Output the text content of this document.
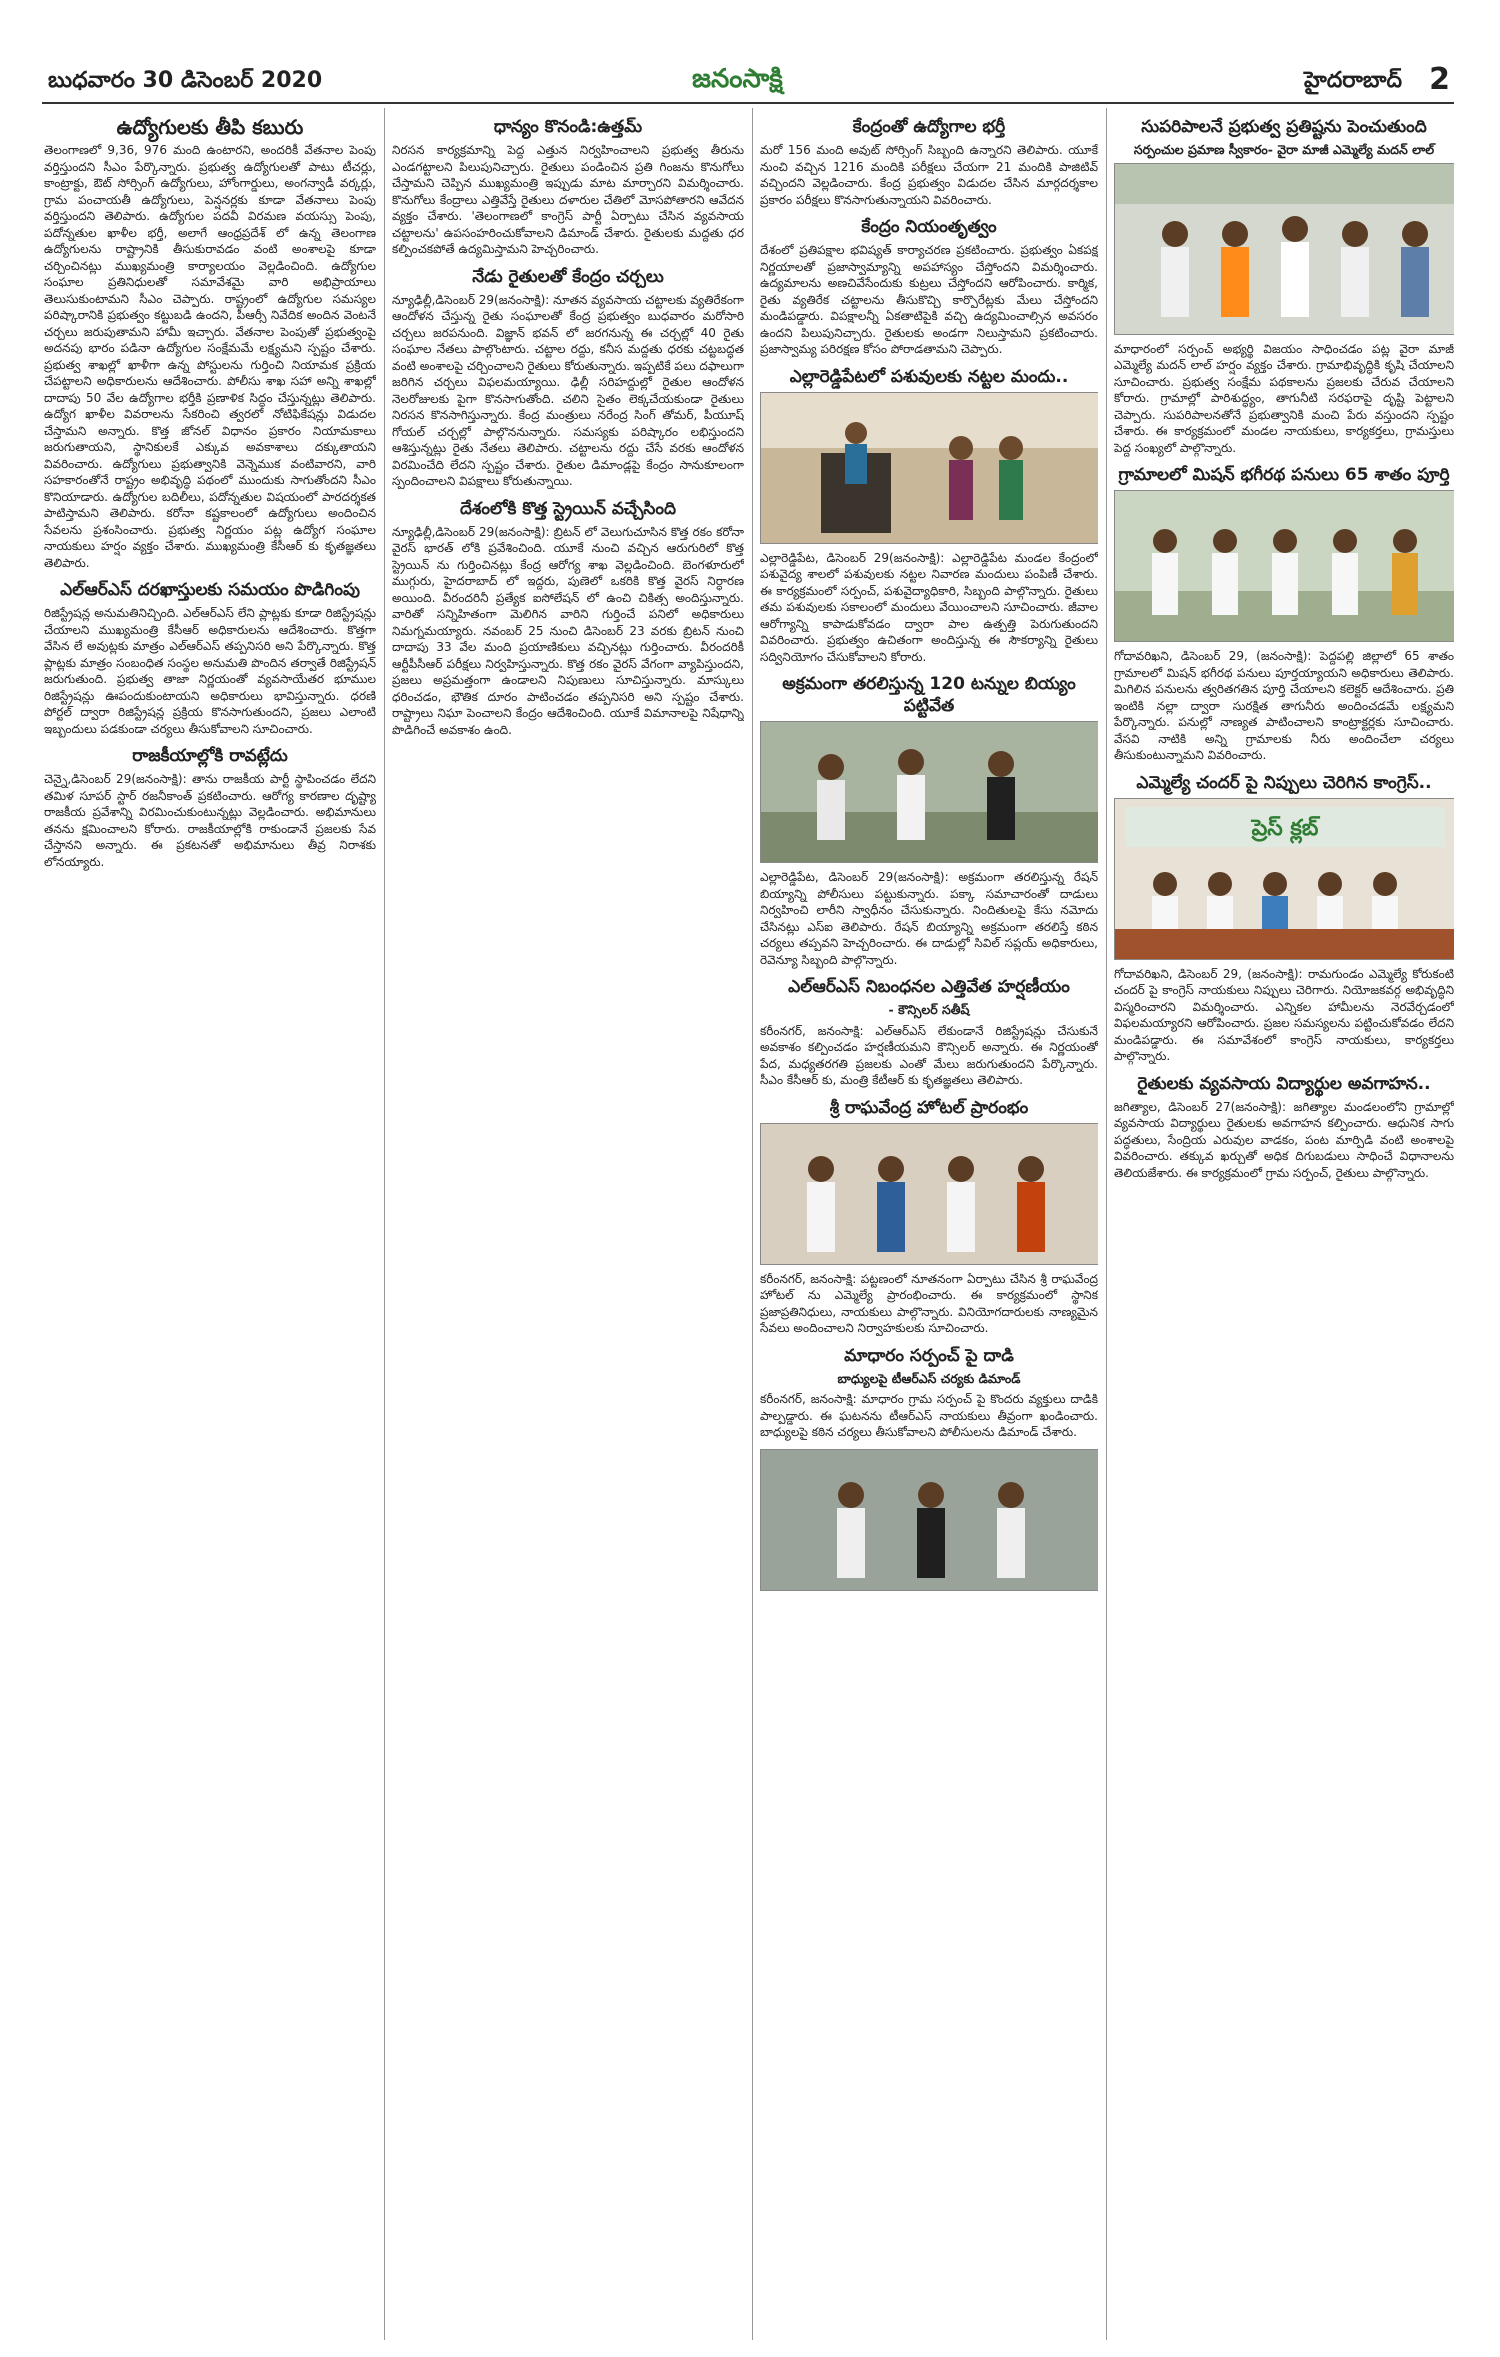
బుధవారం 30 డిసెంబర్ 2020	జనంసాక్షి	హైదరాబాద్ 2
ఉద్యోగులకు తీపి కబురు
తెలంగాణలో 9,36, 976 మంది ఉంటారని, అందరికీ వేతనాల పెంపు వర్తిస్తుందని సీఎం పేర్కొన్నారు. ప్రభుత్వ ఉద్యోగులతో పాటు టీచర్లు, కాంట్రాక్టు, ఔట్ సోర్సింగ్ ఉద్యోగులు, హోంగార్డులు, అంగన్వాడీ వర్కర్లు, గ్రామ పంచాయతీ ఉద్యోగులు, పెన్షనర్లకు కూడా వేతనాలు పెంపు వర్తిస్తుందని తెలిపారు. ఉద్యోగుల పదవీ విరమణ వయస్సు పెంపు, పదోన్నతుల ఖాళీల భర్తీ, అలాగే ఆంధ్రప్రదేశ్ లో ఉన్న తెలంగాణ ఉద్యోగులను రాష్ట్రానికి తీసుకురావడం వంటి అంశాలపై కూడా చర్చించినట్లు ముఖ్యమంత్రి కార్యాలయం వెల్లడించింది. ఉద్యోగుల సంఘాల ప్రతినిధులతో సమావేశమై వారి అభిప్రాయాలు తెలుసుకుంటామని సీఎం చెప్పారు. రాష్ట్రంలో ఉద్యోగుల సమస్యల పరిష్కారానికి ప్రభుత్వం కట్టుబడి ఉందని, పీఆర్సీ నివేదిక అందిన వెంటనే చర్చలు జరుపుతామని హామీ ఇచ్చారు. వేతనాల పెంపుతో ప్రభుత్వంపై అదనపు భారం పడినా ఉద్యోగుల సంక్షేమమే లక్ష్యమని స్పష్టం చేశారు. ప్రభుత్వ శాఖల్లో ఖాళీగా ఉన్న పోస్టులను గుర్తించి నియామక ప్రక్రియ చేపట్టాలని అధికారులను ఆదేశించారు. పోలీసు శాఖ సహా అన్ని శాఖల్లో దాదాపు 50 వేల ఉద్యోగాల భర్తీకి ప్రణాళిక సిద్ధం చేస్తున్నట్లు తెలిపారు. ఉద్యోగ ఖాళీల వివరాలను సేకరించి త్వరలో నోటిఫికేషన్లు విడుదల చేస్తామని అన్నారు. కొత్త జోనల్ విధానం ప్రకారం నియామకాలు జరుగుతాయని, స్థానికులకే ఎక్కువ అవకాశాలు దక్కుతాయని వివరించారు. ఉద్యోగులు ప్రభుత్వానికి వెన్నెముక వంటివారని, వారి సహకారంతోనే రాష్ట్రం అభివృద్ధి పథంలో ముందుకు సాగుతోందని సీఎం కొనియాడారు. ఉద్యోగుల బదిలీలు, పదోన్నతుల విషయంలో పారదర్శకత పాటిస్తామని తెలిపారు. కరోనా కష్టకాలంలో ఉద్యోగులు అందించిన సేవలను ప్రశంసించారు. ప్రభుత్వ నిర్ణయం పట్ల ఉద్యోగ సంఘాల నాయకులు హర్షం వ్యక్తం చేశారు. ముఖ్యమంత్రి కేసీఆర్ కు కృతజ్ఞతలు తెలిపారు.
ఎల్ఆర్ఎస్ దరఖాస్తులకు సమయం పొడిగింపు
రిజిస్ట్రేషన్ల అనుమతినిచ్చింది. ఎల్ఆర్ఎస్ లేని ప్లాట్లకు కూడా రిజిస్ట్రేషన్లు చేయాలని ముఖ్యమంత్రి కేసీఆర్ అధికారులను ఆదేశించారు. కొత్తగా వేసిన లే అవుట్లకు మాత్రం ఎల్ఆర్ఎస్ తప్పనిసరి అని పేర్కొన్నారు. కొత్త ప్లాట్లకు మాత్రం సంబంధిత సంస్థల అనుమతి పొందిన తర్వాతే రిజిస్ట్రేషన్ జరుగుతుంది. ప్రభుత్వ తాజా నిర్ణయంతో వ్యవసాయేతర భూముల రిజిస్ట్రేషన్లు ఊపందుకుంటాయని అధికారులు భావిస్తున్నారు. ధరణి పోర్టల్ ద్వారా రిజిస్ట్రేషన్ల ప్రక్రియ కొనసాగుతుందని, ప్రజలు ఎలాంటి ఇబ్బందులు పడకుండా చర్యలు తీసుకోవాలని సూచించారు.
రాజకీయాల్లోకి రావట్లేదు
చెన్నై,డిసెంబర్ 29(జనంసాక్షి): తాను రాజకీయ పార్టీ స్థాపించడం లేదని తమిళ సూపర్ స్టార్ రజనీకాంత్ ప్రకటించారు. ఆరోగ్య కారణాల దృష్ట్యా రాజకీయ ప్రవేశాన్ని విరమించుకుంటున్నట్లు వెల్లడించారు. అభిమానులు తనను క్షమించాలని కోరారు. రాజకీయాల్లోకి రాకుండానే ప్రజలకు సేవ చేస్తానని అన్నారు. ఈ ప్రకటనతో అభిమానులు తీవ్ర నిరాశకు లోనయ్యారు.
ధాన్యం కొనండి:ఉత్తమ్
నిరసన కార్యక్రమాన్ని పెద్ద ఎత్తున నిర్వహించాలని ప్రభుత్వ తీరును ఎండగట్టాలని పిలుపునిచ్చారు. రైతులు పండించిన ప్రతి గింజను కొనుగోలు చేస్తామని చెప్పిన ముఖ్యమంత్రి ఇప్పుడు మాట మార్చారని విమర్శించారు. కొనుగోలు కేంద్రాలు ఎత్తివేస్తే రైతులు దళారుల చేతిలో మోసపోతారని ఆవేదన వ్యక్తం చేశారు. 'తెలంగాణలో కాంగ్రెస్ పార్టీ ఏర్పాటు చేసిన వ్యవసాయ చట్టాలను' ఉపసంహరించుకోవాలని డిమాండ్ చేశారు. రైతులకు మద్దతు ధర కల్పించకపోతే ఉద్యమిస్తామని హెచ్చరించారు.
నేడు రైతులతో కేంద్రం చర్చలు
న్యూఢిల్లీ,డిసెంబర్ 29(జనంసాక్షి): నూతన వ్యవసాయ చట్టాలకు వ్యతిరేకంగా ఆందోళన చేస్తున్న రైతు సంఘాలతో కేంద్ర ప్రభుత్వం బుధవారం మరోసారి చర్చలు జరపనుంది. విజ్ఞాన్ భవన్ లో జరగనున్న ఈ చర్చల్లో 40 రైతు సంఘాల నేతలు పాల్గొంటారు. చట్టాల రద్దు, కనీస మద్దతు ధరకు చట్టబద్ధత వంటి అంశాలపై చర్చించాలని రైతులు కోరుతున్నారు. ఇప్పటికే పలు దఫాలుగా జరిగిన చర్చలు విఫలమయ్యాయి. ఢిల్లీ సరిహద్దుల్లో రైతుల ఆందోళన నెలరోజులకు పైగా కొనసాగుతోంది. చలిని సైతం లెక్కచేయకుండా రైతులు నిరసన కొనసాగిస్తున్నారు. కేంద్ర మంత్రులు నరేంద్ర సింగ్ తోమర్, పీయూష్ గోయల్ చర్చల్లో పాల్గొననున్నారు. సమస్యకు పరిష్కారం లభిస్తుందని ఆశిస్తున్నట్లు రైతు నేతలు తెలిపారు. చట్టాలను రద్దు చేసే వరకు ఆందోళన విరమించేది లేదని స్పష్టం చేశారు. రైతుల డిమాండ్లపై కేంద్రం సానుకూలంగా స్పందించాలని విపక్షాలు కోరుతున్నాయి.
దేశంలోకి కొత్త స్ట్రెయిన్ వచ్చేసింది
న్యూఢిల్లీ,డిసెంబర్ 29(జనంసాక్షి): బ్రిటన్ లో వెలుగుచూసిన కొత్త రకం కరోనా వైరస్ భారత్ లోకి ప్రవేశించింది. యూకే నుంచి వచ్చిన ఆరుగురిలో కొత్త స్ట్రెయిన్ ను గుర్తించినట్లు కేంద్ర ఆరోగ్య శాఖ వెల్లడించింది. బెంగళూరులో ముగ్గురు, హైదరాబాద్ లో ఇద్దరు, పుణెలో ఒకరికి కొత్త వైరస్ నిర్ధారణ అయింది. వీరందరినీ ప్రత్యేక ఐసోలేషన్ లో ఉంచి చికిత్స అందిస్తున్నారు. వారితో సన్నిహితంగా మెలిగిన వారిని గుర్తించే పనిలో అధికారులు నిమగ్నమయ్యారు. నవంబర్ 25 నుంచి డిసెంబర్ 23 వరకు బ్రిటన్ నుంచి దాదాపు 33 వేల మంది ప్రయాణికులు వచ్చినట్లు గుర్తించారు. వీరందరికీ ఆర్టీపీసీఆర్ పరీక్షలు నిర్వహిస్తున్నారు. కొత్త రకం వైరస్ వేగంగా వ్యాపిస్తుందని, ప్రజలు అప్రమత్తంగా ఉండాలని నిపుణులు సూచిస్తున్నారు. మాస్కులు ధరించడం, భౌతిక దూరం పాటించడం తప్పనిసరి అని స్పష్టం చేశారు. రాష్ట్రాలు నిఘా పెంచాలని కేంద్రం ఆదేశించింది. యూకే విమానాలపై నిషేధాన్ని పొడిగించే అవకాశం ఉంది.
కేంద్రంతో ఉద్యోగాల భర్తీ
మరో 156 మంది అవుట్ సోర్సింగ్ సిబ్బంది ఉన్నారని తెలిపారు. యూకే నుంచి వచ్చిన 1216 మందికి పరీక్షలు చేయగా 21 మందికి పాజిటివ్ వచ్చిందని వెల్లడించారు. కేంద్ర ప్రభుత్వం విడుదల చేసిన మార్గదర్శకాల ప్రకారం పరీక్షలు కొనసాగుతున్నాయని వివరించారు.
కేంద్రం నియంతృత్వం
దేశంలో ప్రతిపక్షాల భవిష్యత్ కార్యాచరణ ప్రకటించారు. ప్రభుత్వం ఏకపక్ష నిర్ణయాలతో ప్రజాస్వామ్యాన్ని అపహాస్యం చేస్తోందని విమర్శించారు. ఉద్యమాలను అణచివేసేందుకు కుట్రలు చేస్తోందని ఆరోపించారు. కార్మిక, రైతు వ్యతిరేక చట్టాలను తీసుకొచ్చి కార్పొరేట్లకు మేలు చేస్తోందని మండిపడ్డారు. విపక్షాలన్నీ ఏకతాటిపైకి వచ్చి ఉద్యమించాల్సిన అవసరం ఉందని పిలుపునిచ్చారు. రైతులకు అండగా నిలుస్తామని ప్రకటించారు. ప్రజాస్వామ్య పరిరక్షణ కోసం పోరాడతామని చెప్పారు.
ఎల్లారెడ్డిపేటలో పశువులకు నట్టల మందు..
ఎల్లారెడ్డిపేట, డిసెంబర్ 29(జనంసాక్షి): ఎల్లారెడ్డిపేట మండల కేంద్రంలో పశువైద్య శాలలో పశువులకు నట్టల నివారణ మందులు పంపిణీ చేశారు. ఈ కార్యక్రమంలో సర్పంచ్, పశువైద్యాధికారి, సిబ్బంది పాల్గొన్నారు. రైతులు తమ పశువులకు సకాలంలో మందులు వేయించాలని సూచించారు. జీవాల ఆరోగ్యాన్ని కాపాడుకోవడం ద్వారా పాల ఉత్పత్తి పెరుగుతుందని వివరించారు. ప్రభుత్వం ఉచితంగా అందిస్తున్న ఈ సౌకర్యాన్ని రైతులు సద్వినియోగం చేసుకోవాలని కోరారు.
అక్రమంగా తరలిస్తున్న 120 టన్నుల బియ్యం పట్టివేత
ఎల్లారెడ్డిపేట, డిసెంబర్ 29(జనంసాక్షి): అక్రమంగా తరలిస్తున్న రేషన్ బియ్యాన్ని పోలీసులు పట్టుకున్నారు. పక్కా సమాచారంతో దాడులు నిర్వహించి లారీని స్వాధీనం చేసుకున్నారు. నిందితులపై కేసు నమోదు చేసినట్లు ఎస్ఐ తెలిపారు. రేషన్ బియ్యాన్ని అక్రమంగా తరలిస్తే కఠిన చర్యలు తప్పవని హెచ్చరించారు. ఈ దాడుల్లో సివిల్ సప్లయ్ అధికారులు, రెవెన్యూ సిబ్బంది పాల్గొన్నారు.
ఎల్ఆర్ఎస్ నిబంధనల ఎత్తివేత హర్షణీయం
- కౌన్సిలర్ సతీష్
కరీంనగర్, జనంసాక్షి: ఎల్ఆర్ఎస్ లేకుండానే రిజిస్ట్రేషన్లు చేసుకునే అవకాశం కల్పించడం హర్షణీయమని కౌన్సిలర్ అన్నారు. ఈ నిర్ణయంతో పేద, మధ్యతరగతి ప్రజలకు ఎంతో మేలు జరుగుతుందని పేర్కొన్నారు. సీఎం కేసీఆర్ కు, మంత్రి కేటీఆర్ కు కృతజ్ఞతలు తెలిపారు.
శ్రీ రాఘవేంద్ర హోటల్ ప్రారంభం
కరీంనగర్, జనంసాక్షి: పట్టణంలో నూతనంగా ఏర్పాటు చేసిన శ్రీ రాఘవేంద్ర హోటల్ ను ఎమ్మెల్యే ప్రారంభించారు. ఈ కార్యక్రమంలో స్థానిక ప్రజాప్రతినిధులు, నాయకులు పాల్గొన్నారు. వినియోగదారులకు నాణ్యమైన సేవలు అందించాలని నిర్వాహకులకు సూచించారు.
మాధారం సర్పంచ్ పై దాడి
బాధ్యులపై టీఆర్ఎస్ చర్యకు డిమాండ్
కరీంనగర్, జనంసాక్షి: మాధారం గ్రామ సర్పంచ్ పై కొందరు వ్యక్తులు దాడికి పాల్పడ్డారు. ఈ ఘటనను టీఆర్ఎస్ నాయకులు తీవ్రంగా ఖండించారు. బాధ్యులపై కఠిన చర్యలు తీసుకోవాలని పోలీసులను డిమాండ్ చేశారు.
సుపరిపాలనే ప్రభుత్వ ప్రతిష్టను పెంచుతుంది
సర్పంచుల ప్రమాణ స్వీకారం- వైరా మాజీ ఎమ్మెల్యే మదన్ లాల్
మాధారంలో సర్పంచ్ అభ్యర్థి విజయం సాధించడం పట్ల వైరా మాజీ ఎమ్మెల్యే మదన్ లాల్ హర్షం వ్యక్తం చేశారు. గ్రామాభివృద్ధికి కృషి చేయాలని సూచించారు. ప్రభుత్వ సంక్షేమ పథకాలను ప్రజలకు చేరువ చేయాలని కోరారు. గ్రామాల్లో పారిశుద్ధ్యం, తాగునీటి సరఫరాపై దృష్టి పెట్టాలని చెప్పారు. సుపరిపాలనతోనే ప్రభుత్వానికి మంచి పేరు వస్తుందని స్పష్టం చేశారు. ఈ కార్యక్రమంలో మండల నాయకులు, కార్యకర్తలు, గ్రామస్తులు పెద్ద సంఖ్యలో పాల్గొన్నారు.
గ్రామాలలో మిషన్ భగీరథ పనులు 65 శాతం పూర్తి
గోదావరిఖని, డిసెంబర్ 29, (జనంసాక్షి): పెద్దపల్లి జిల్లాలో 65 శాతం గ్రామాలలో మిషన్ భగీరథ పనులు పూర్తయ్యాయని అధికారులు తెలిపారు. మిగిలిన పనులను త్వరితగతిన పూర్తి చేయాలని కలెక్టర్ ఆదేశించారు. ప్రతి ఇంటికి నల్లా ద్వారా సురక్షిత తాగునీరు అందించడమే లక్ష్యమని పేర్కొన్నారు. పనుల్లో నాణ్యత పాటించాలని కాంట్రాక్టర్లకు సూచించారు. వేసవి నాటికి అన్ని గ్రామాలకు నీరు అందించేలా చర్యలు తీసుకుంటున్నామని వివరించారు.
ఎమ్మెల్యే చందర్ పై నిప్పులు చెరిగిన కాంగ్రెస్..
ప్రెస్ క్లబ్
గోదావరిఖని, డిసెంబర్ 29, (జనంసాక్షి): రామగుండం ఎమ్మెల్యే కోరుకంటి చందర్ పై కాంగ్రెస్ నాయకులు నిప్పులు చెరిగారు. నియోజకవర్గ అభివృద్ధిని విస్మరించారని విమర్శించారు. ఎన్నికల హామీలను నెరవేర్చడంలో విఫలమయ్యారని ఆరోపించారు. ప్రజల సమస్యలను పట్టించుకోవడం లేదని మండిపడ్డారు. ఈ సమావేశంలో కాంగ్రెస్ నాయకులు, కార్యకర్తలు పాల్గొన్నారు.
రైతులకు వ్యవసాయ విద్యార్థుల అవగాహన..
జగిత్యాల, డిసెంబర్ 27(జనంసాక్షి): జగిత్యాల మండలంలోని గ్రామాల్లో వ్యవసాయ విద్యార్థులు రైతులకు అవగాహన కల్పించారు. ఆధునిక సాగు పద్ధతులు, సేంద్రియ ఎరువుల వాడకం, పంట మార్పిడి వంటి అంశాలపై వివరించారు. తక్కువ ఖర్చుతో అధిక దిగుబడులు సాధించే విధానాలను తెలియజేశారు. ఈ కార్యక్రమంలో గ్రామ సర్పంచ్, రైతులు పాల్గొన్నారు.
